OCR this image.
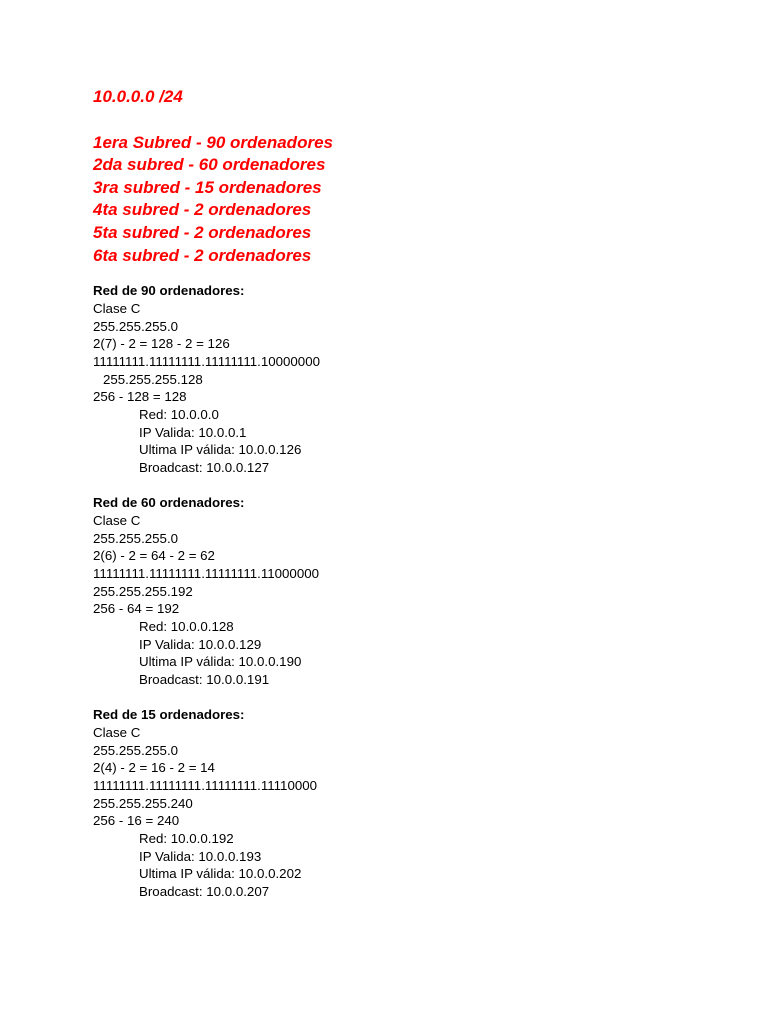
10.0.0.0 /24
1era Subred - 90 ordenadores
2da subred - 60 ordenadores
3ra subred - 15 ordenadores
4ta subred - 2 ordenadores
5ta subred - 2 ordenadores
6ta subred - 2 ordenadores
Red de 90 ordenadores:
Clase C
255.255.255.0
2(7) - 2 = 128 - 2 = 126
11111111.11111111.11111111.10000000
255.255.255.128
256 - 128 = 128
Red: 10.0.0.0
IP Valida: 10.0.0.1
Ultima IP válida: 10.0.0.126
Broadcast: 10.0.0.127
Red de 60 ordenadores:
Clase C
255.255.255.0
2(6) - 2 = 64 - 2 = 62
11111111.11111111.11111111.11000000
255.255.255.192
256 - 64 = 192
Red: 10.0.0.128
IP Valida: 10.0.0.129
Ultima IP válida: 10.0.0.190
Broadcast: 10.0.0.191
Red de 15 ordenadores:
Clase C
255.255.255.0
2(4) - 2 = 16 - 2 = 14
11111111.11111111.11111111.11110000
255.255.255.240
256 - 16 = 240
Red: 10.0.0.192
IP Valida: 10.0.0.193
Ultima IP válida: 10.0.0.202
Broadcast: 10.0.0.207
